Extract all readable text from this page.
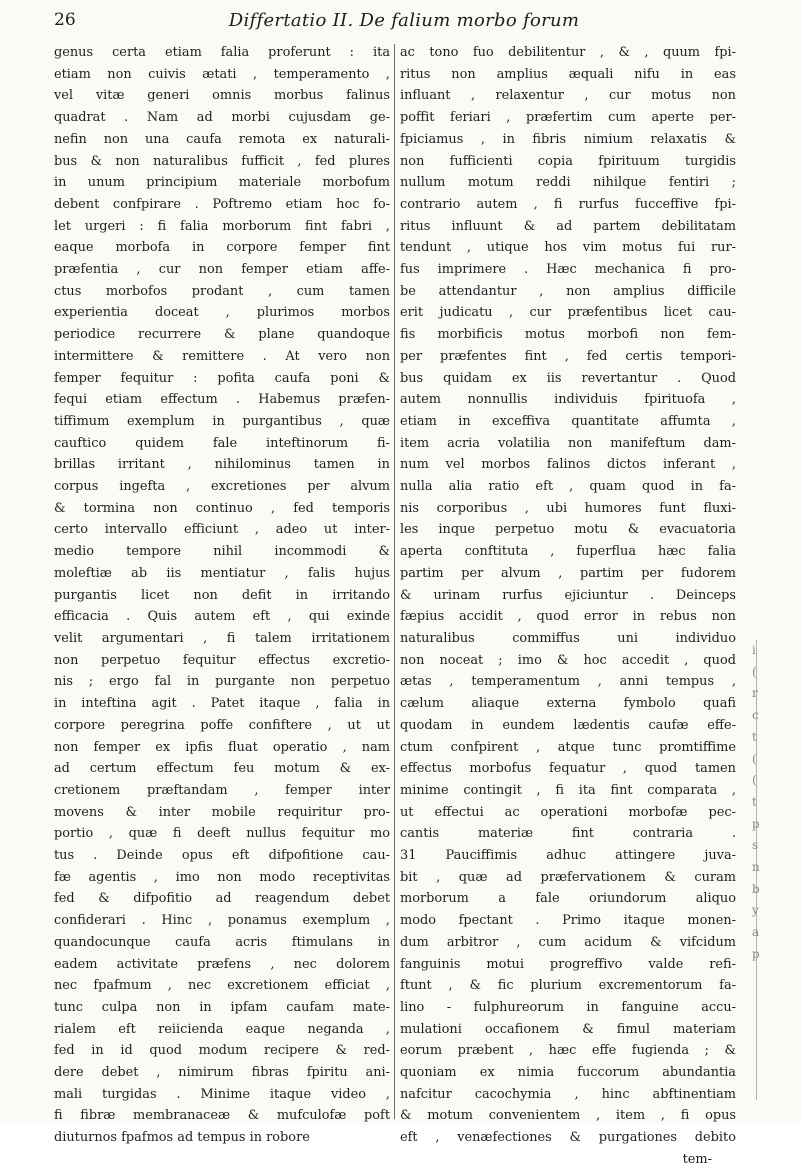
26	Differtatio II. De falium morbo forum
genus certa etiam falia proferunt : ita
etiam non cuivis ætati , temperamento ,
vel vitæ generi omnis morbus falinus
quadrat . Nam ad morbi cujusdam ge-
nefin non una caufa remota ex naturali-
bus & non naturalibus fufficit , fed plures
in unum principium materiale morbofum
debent confpirare . Poftremo etiam hoc fo-
let urgeri : fi falia morborum fint fabri ,
eaque morbofa in corpore femper fint
præfentia , cur non femper etiam affe-
ctus morbofos prodant , cum tamen
experientia doceat , plurimos morbos
periodice recurrere & plane quandoque
intermittere & remittere . At vero non
femper fequitur : pofita caufa poni &
fequi etiam effectum . Habemus præfen-
tiffimum exemplum in purgantibus , quæ
cauftico quidem fale inteftinorum fi-
brillas irritant , nihilominus tamen in
corpus ingefta , excretiones per alvum
& tormina non continuo , fed temporis
certo intervallo efficiunt , adeo ut inter-
medio tempore nihil incommodi &
moleftiæ ab iis mentiatur , falis hujus
purgantis licet non defit in irritando
efficacia . Quis autem eft , qui exinde
velit argumentari , fi talem irritationem
non perpetuo fequitur effectus excretio-
nis ; ergo fal in purgante non perpetuo
in inteftina agit . Patet itaque , falia in
corpore peregrina poffe confiftere , ut ut
non femper ex ipfis fluat operatio , nam
ad certum effectum feu motum & ex-
cretionem præftandam , femper inter
movens & inter mobile requiritur pro-
portio , quæ fi deeft nullus fequitur mo
tus . Deinde opus eft difpofitione cau-
fæ agentis , imo non modo receptivitas
fed & difpofitio ad reagendum debet
confiderari . Hinc , ponamus exemplum ,
quandocunque caufa acris ftimulans in
eadem activitate præfens , nec dolorem
nec fpafmum , nec excretionem efficiat ,
tunc culpa non in ipfam caufam mate-
rialem eft reiicienda eaque neganda ,
fed in id quod modum recipere & red-
dere debet , nimirum fibras fpiritu ani-
mali turgidas . Minime itaque video ,
fi fibræ membranaceæ & mufculofæ poft
diuturnos fpafmos ad tempus in robore
ac tono fuo debilitentur , & , quum fpi-
ritus non amplius æquali nifu in eas
influant , relaxentur , cur motus non
poffit feriari , præfertim cum aperte per-
fpiciamus , in fibris nimium relaxatis &
non fufficienti copia fpirituum turgidis
nullum motum reddi nihilque fentiri ;
contrario autem , fi rurfus fucceffive fpi-
ritus influunt & ad partem debilitatam
tendunt , utique hos vim motus fui rur-
fus imprimere . Hæc mechanica fi pro-
be attendantur , non amplius difficile
erit judicatu , cur præfentibus licet cau-
fis morbificis motus morbofi non fem-
per præfentes fint , fed certis tempori-
bus quidam ex iis revertantur . Quod
autem nonnullis individuis fpirituofa ,
etiam in exceffiva quantitate affumta ,
item acria volatilia non manifeftum dam-
num vel morbos falinos dictos inferant ,
nulla alia ratio eft , quam quod in fa-
nis corporibus , ubi humores funt fluxi-
les inque perpetuo motu & evacuatoria
aperta conftituta , fuperflua hæc falia
partim per alvum , partim per fudorem
& urinam rurfus ejiciuntur . Deinceps
fæpius accidit , quod error in rebus non
naturalibus commiffus uni individuo
non noceat ; imo & hoc accedit , quod
ætas , temperamentum , anni tempus ,
cælum aliaque externa fymbolo quafi
quodam in eundem lædentis caufæ effe-
ctum confpirent , atque tunc promtiffime
effectus morbofus fequatur , quod tamen
minime contingit , fi ita fint comparata ,
ut effectui ac operationi morbofæ pec-
cantis materiæ fint contraria .
31 Pauciffimis adhuc attingere juva-
bit , quæ ad præfervationem & curam
morborum a fale oriundorum aliquo
modo fpectant . Primo itaque monen-
dum arbitror , cum acidum & vifcidum
fanguinis motui progreffivo valde refi-
ftunt , & fic plurium excrementorum fa-
lino - fulphureorum in fanguine accu-
mulationi occafionem & fimul materiam
eorum præbent , hæc effe fugienda ; &
quoniam ex nimia fuccorum abundantia
nafcitur cacochymia , hinc abftinentiam
& motum convenientem , item , fi opus
eft , venæfectiones & purgationes debito
tem-
i
(
r
c
t
(
(
t
p
s
n
b
y
a
p
